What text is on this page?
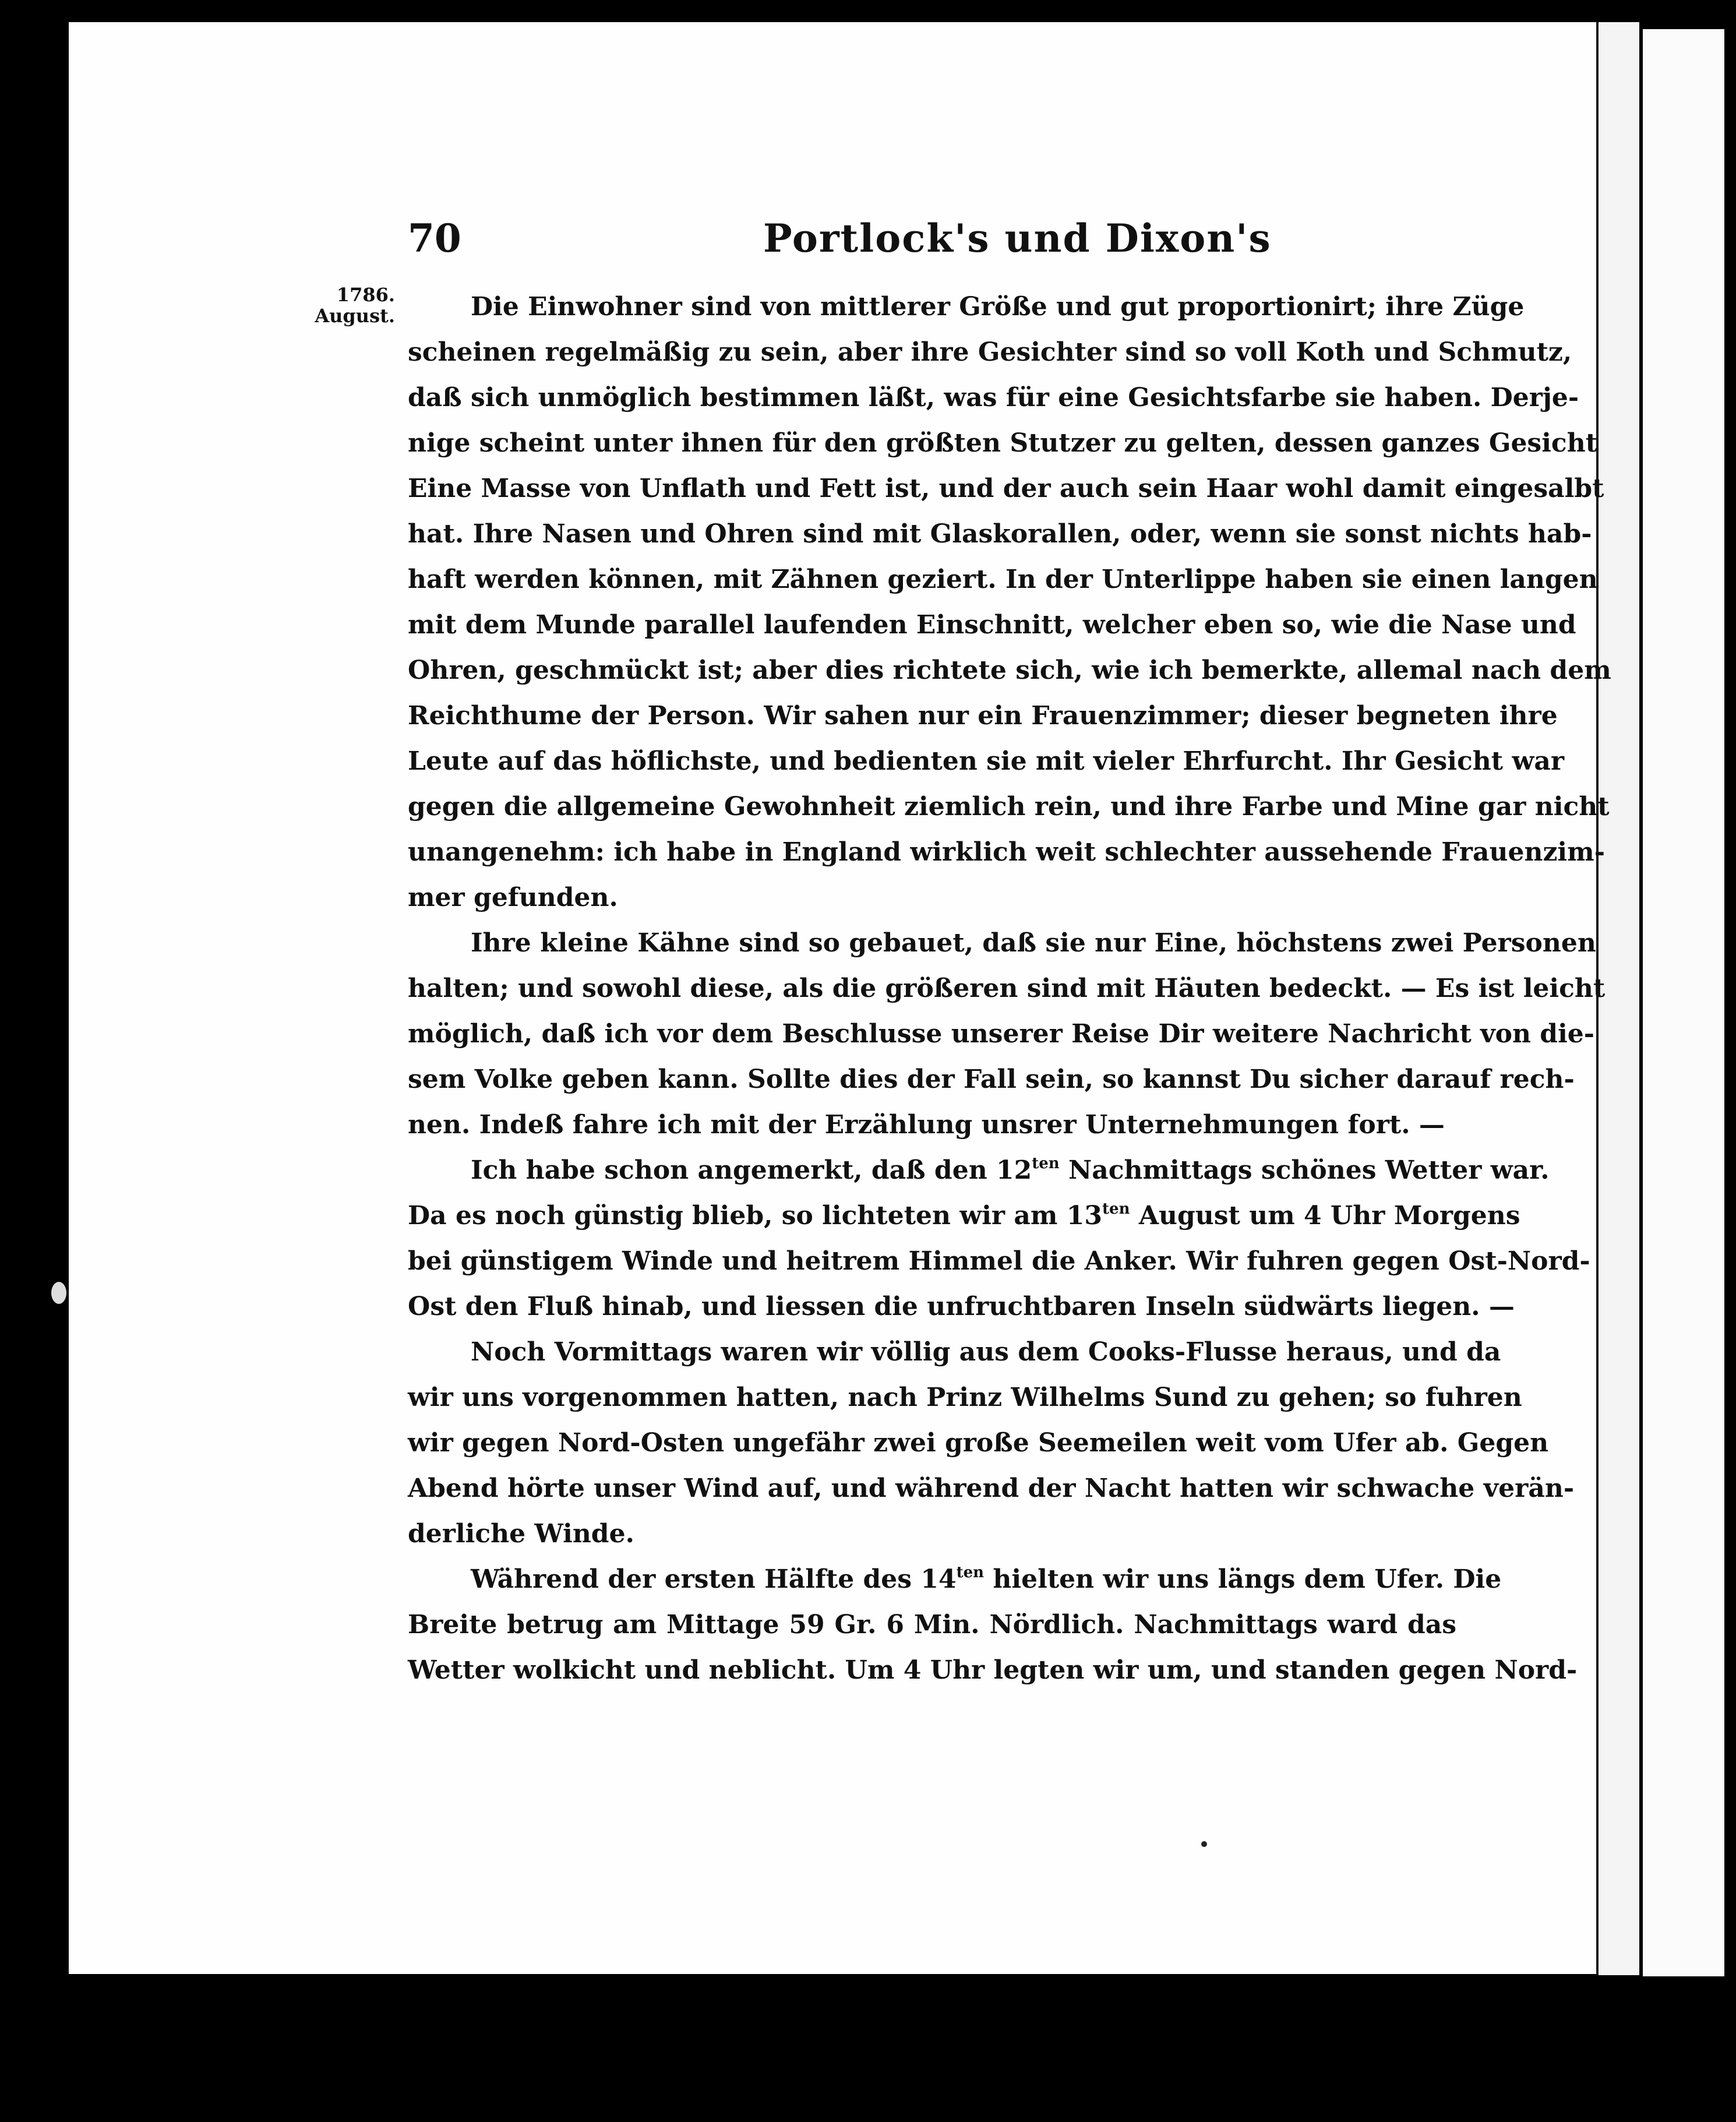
70	Portlock's und Dixon's
1786.
August.	Die Einwohner sind von mittlerer Größe und gut proportionirt; ihre Züge
scheinen regelmäßig zu sein, aber ihre Gesichter sind so voll Koth und Schmutz,
daß sich unmöglich bestimmen läßt, was für eine Gesichtsfarbe sie haben. Derje-
nige scheint unter ihnen für den größten Stutzer zu gelten, dessen ganzes Gesicht
Eine Masse von Unflath und Fett ist, und der auch sein Haar wohl damit eingesalbt
hat. Ihre Nasen und Ohren sind mit Glaskorallen, oder, wenn sie sonst nichts hab-
haft werden können, mit Zähnen geziert. In der Unterlippe haben sie einen langen
mit dem Munde parallel laufenden Einschnitt, welcher eben so, wie die Nase und
Ohren, geschmückt ist; aber dies richtete sich, wie ich bemerkte, allemal nach dem
Reichthume der Person. Wir sahen nur ein Frauenzimmer; dieser begneten ihre
Leute auf das höflichste, und bedienten sie mit vieler Ehrfurcht. Ihr Gesicht war
gegen die allgemeine Gewohnheit ziemlich rein, und ihre Farbe und Mine gar nicht
unangenehm: ich habe in England wirklich weit schlechter aussehende Frauenzim-
mer gefunden.
Ihre kleine Kähne sind so gebauet, daß sie nur Eine, höchstens zwei Personen
halten; und sowohl diese, als die größeren sind mit Häuten bedeckt. — Es ist leicht
möglich, daß ich vor dem Beschlusse unserer Reise Dir weitere Nachricht von die-
sem Volke geben kann. Sollte dies der Fall sein, so kannst Du sicher darauf rech-
nen. Indeß fahre ich mit der Erzählung unsrer Unternehmungen fort. —
Ich habe schon angemerkt, daß den $12^{ten}$ Nachmittags schönes Wetter war.
Da es noch günstig blieb, so lichteten wir am $13^{ten}$ August um 4 Uhr Morgens
bei günstigem Winde und heitrem Himmel die Anker. Wir fuhren gegen Ost-Nord-
Ost den Fluß hinab, und liessen die unfruchtbaren Inseln südwärts liegen. —
Noch Vormittags waren wir völlig aus dem Cooks-Flusse heraus, und da
wir uns vorgenommen hatten, nach Prinz Wilhelms Sund zu gehen; so fuhren
wir gegen Nord-Osten ungefähr zwei große Seemeilen weit vom Ufer ab. Gegen
Abend hörte unser Wind auf, und während der Nacht hatten wir schwache verän-
derliche Winde.
Während der ersten Hälfte des $14^{ten}$ hielten wir uns längs dem Ufer. Die
Breite betrug am Mittage 59 Gr. 6 Min. Nördlich. Nachmittags ward das
Wetter wolkicht und neblicht. Um 4 Uhr legten wir um, und standen gegen Nord-
